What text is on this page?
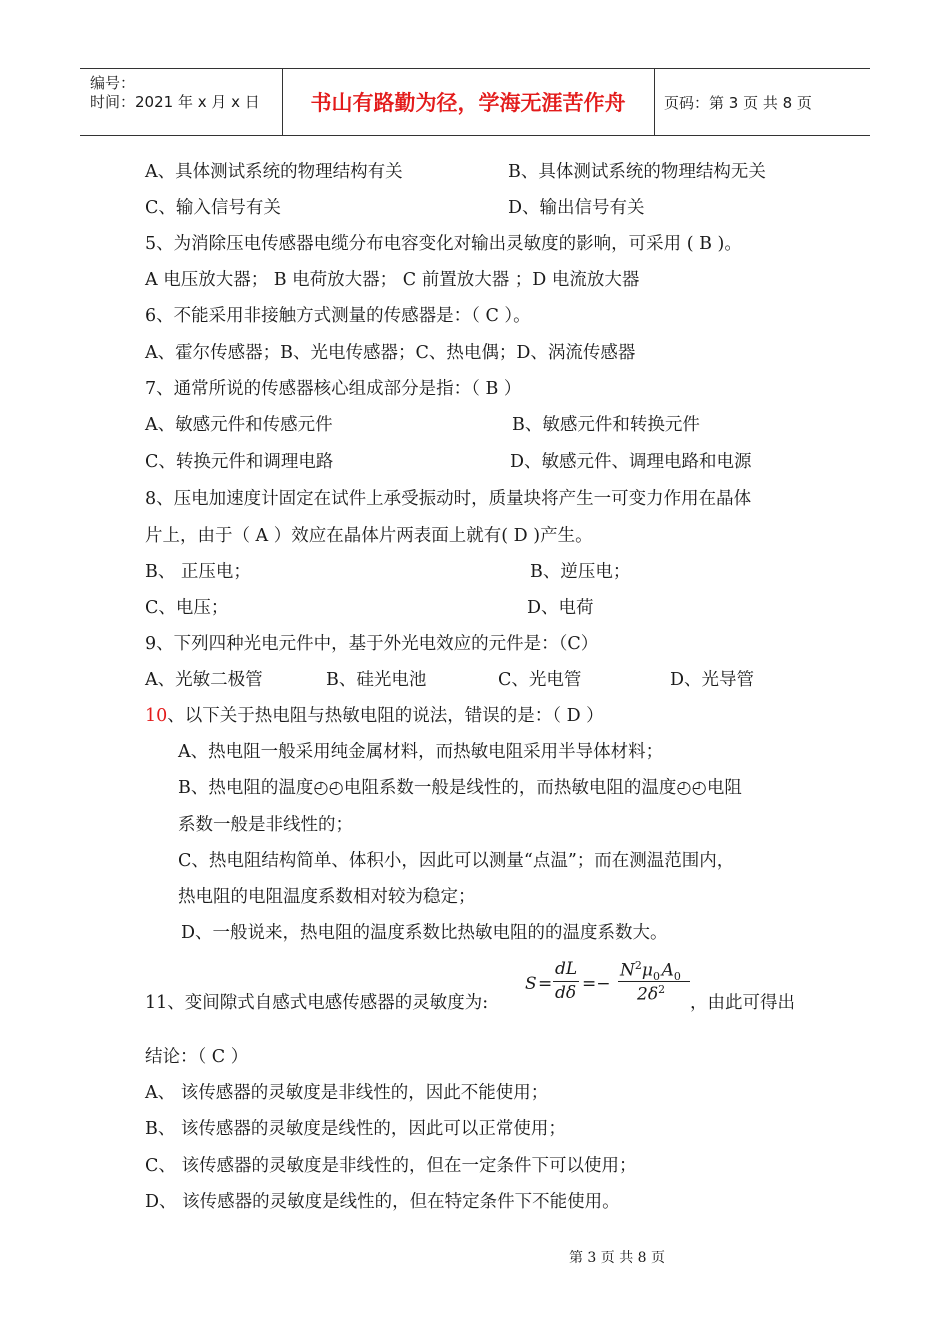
编号：
时间：2021 年 x 月 x 日	书山有路勤为径，学海无涯苦作舟	页码：第 3 页 共 8 页
A、具体测试系统的物理结构有关	B、具体测试系统的物理结构无关
C、输入信号有关	D、输出信号有关
5、为消除压电传感器电缆分布电容变化对输出灵敏度的影响，可采用 ( B )。
A 电压放大器； B 电荷放大器； C 前置放大器 ；D 电流放大器
6、不能采用非接触方式测量的传感器是：（ C ）。
A、霍尔传感器；B、光电传感器；C、热电偶；D、涡流传感器
7、通常所说的传感器核心组成部分是指：（ B ）
A、敏感元件和传感元件	B、敏感元件和转换元件
C、转换元件和调理电路	D、敏感元件、调理电路和电源
8、压电加速度计固定在试件上承受振动时，质量块将产生一可变力作用在晶体
片上，由于（ A ）效应在晶体片两表面上就有( D )产生。
B、 正压电；	B、逆压电；
C、电压；	D、电荷
9、下列四种光电元件中，基于外光电效应的元件是：（C）
A、光敏二极管	B、硅光电池	C、光电管	D、光导管
10、以下关于热电阻与热敏电阻的说法，错误的是：（ D ）
A、热电阻一般采用纯金属材料，而热敏电阻采用半导体材料；
B、热电阻的温度◴◴电阻系数一般是线性的，而热敏电阻的温度◴◴电阻
系数一般是非线性的；
C、热电阻结构简单、体积小，因此可以测量“点温”；而在测温范围内，
热电阻的电阻温度系数相对较为稳定；
D、一般说来，热电阻的温度系数比热敏电阻的的温度系数大。
11、变间隙式自感式电感传感器的灵敏度为:
S =
dL
dδ =−
$N^2\mu_0$  $A_0$
$2\delta^2$
，由此可得出
结论：（ C ）
A、 该传感器的灵敏度是非线性的，因此不能使用；
B、 该传感器的灵敏度是线性的，因此可以正常使用；
C、 该传感器的灵敏度是非线性的，但在一定条件下可以使用；
D、 该传感器的灵敏度是线性的，但在特定条件下不能使用。
第 3 页 共 8 页
